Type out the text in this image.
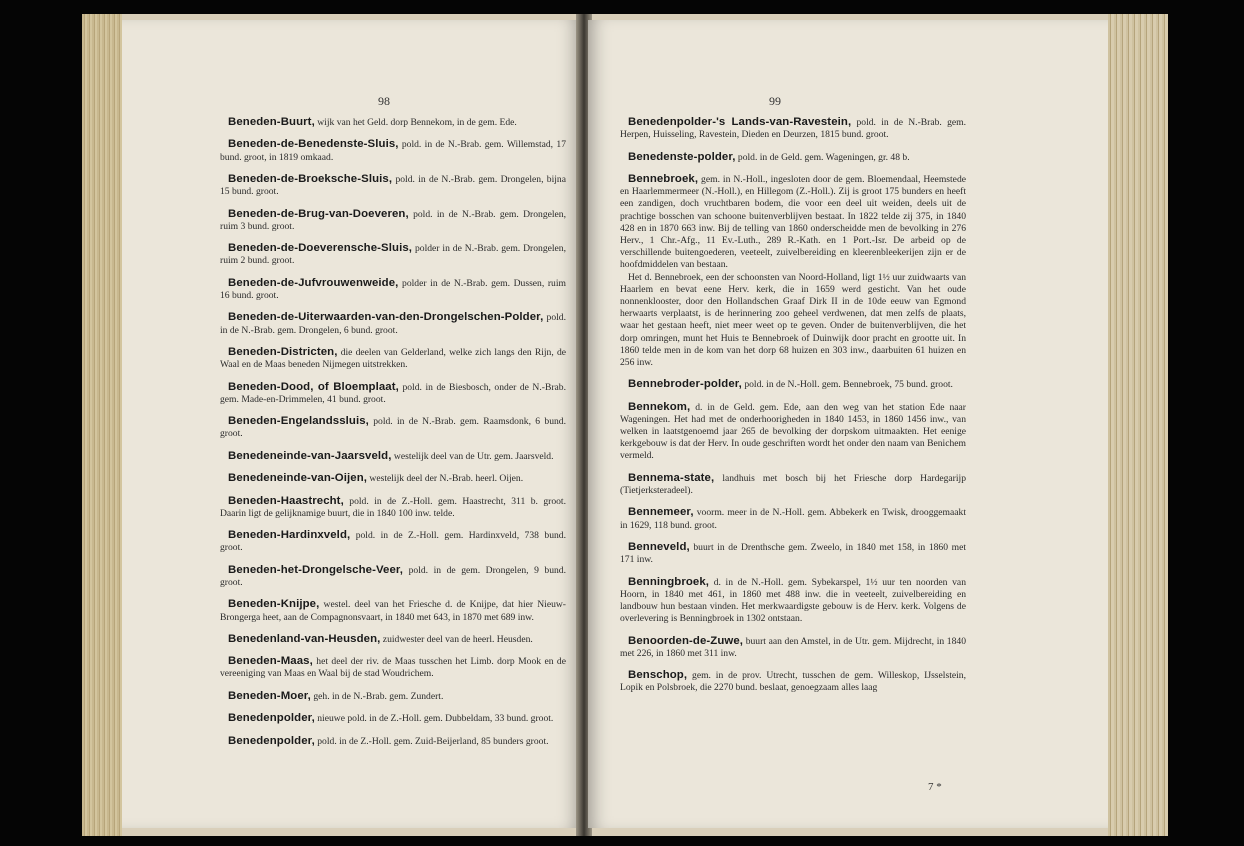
98

Beneden-Buurt, wijk van het Geld. dorp Bennekom, in de gem. Ede.

Beneden-de-Benedenste-Sluis, pold. in de N.-Brab. gem. Willemstad, 17 bund. groot, in 1819 omkaad.

Beneden-de-Broeksche-Sluis, pold. in de N.-Brab. gem. Drongelen, bijna 15 bund. groot.

Beneden-de-Brug-van-Doeveren, pold. in de N.-Brab. gem. Drongelen, ruim 3 bund. groot.

Beneden-de-Doeverensche-Sluis, polder in de N.-Brab. gem. Drongelen, ruim 2 bund. groot.

Beneden-de-Jufvrouwenweide, polder in de N.-Brab. gem. Dussen, ruim 16 bund. groot.

Beneden-de-Uiterwaarden-van-den-Drongelschen-Polder, pold. in de N.-Brab. gem. Drongelen, 6 bund. groot.

Beneden-Districten, die deelen van Gelderland, welke zich langs den Rijn, de Waal en de Maas beneden Nijmegen uitstrekken.

Beneden-Dood, of Bloemplaat, pold. in de Biesbosch, onder de N.-Brab. gem. Made-en-Drimmelen, 41 bund. groot.

Beneden-Engelandssluis, pold. in de N.-Brab. gem. Raamsdonk, 6 bund. groot.

Benedeneinde-van-Jaarsveld, westelijk deel van de Utr. gem. Jaarsveld.

Benedeneinde-van-Oijen, westelijk deel der N.-Brab. heerl. Oijen.

Beneden-Haastrecht, pold. in de Z.-Holl. gem. Haastrecht, 311 b. groot. Daarin ligt de gelijknamige buurt, die in 1840 100 inw. telde.

Beneden-Hardinxveld, pold. in de Z.-Holl. gem. Hardinxveld, 738 bund. groot.

Beneden-het-Drongelsche-Veer, pold. in de gem. Drongelen, 9 bund. groot.

Beneden-Knijpe, westel. deel van het Friesche d. de Knijpe, dat hier Nieuw-Brongerga heet, aan de Compagnonsvaart, in 1840 met 643, in 1870 met 689 inw.

Benedenland-van-Heusden, zuidwester deel van de heerl. Heusden.

Beneden-Maas, het deel der riv. de Maas tusschen het Limb. dorp Mook en de vereeniging van Maas en Waal bij de stad Woudrichem.

Beneden-Moer, geh. in de N.-Brab. gem. Zundert.

Benedenpolder, nieuwe pold. in de Z.-Holl. gem. Dubbeldam, 33 bund. groot.

Benedenpolder, pold. in de Z.-Holl. gem. Zuid-Beijerland, 85 bunders groot.

99

Benedenpolder-'s Lands-van-Ravestein, pold. in de N.-Brab. gem. Herpen, Huisseling, Ravestein, Dieden en Deurzen, 1815 bund. groot.

Benedenste-polder, pold. in de Geld. gem. Wageningen, gr. 48 b.

Bennebroek, gem. in N.-Holl., ingesloten door de gem. Bloemendaal, Heemstede en Haarlemmermeer (N.-Holl.), en Hillegom (Z.-Holl.). Zij is groot 175 bunders en heeft een zandigen, doch vruchtbaren bodem, die voor een deel uit weiden, deels uit de prachtige bosschen van schoone buitenverblijven bestaat. In 1822 telde zij 375, in 1840 428 en in 1870 663 inw. Bij de telling van 1860 onderscheidde men de bevolking in 276 Herv., 1 Chr.-Afg., 11 Ev.-Luth., 289 R.-Kath. en 1 Port.-Isr. De arbeid op de verschillende buitengoederen, veeteelt, zuivelbereiding en kleerenbleekerijen zijn er de hoofdmiddelen van bestaan.

Het d. Bennebroek, een der schoonsten van Noord-Holland, ligt 1½ uur zuidwaarts van Haarlem en bevat eene Herv. kerk, die in 1659 werd gesticht. Van het oude nonnenklooster, door den Hollandschen Graaf Dirk II in de 10de eeuw van Egmond herwaarts verplaatst, is de herinnering zoo geheel verdwenen, dat men zelfs de plaats, waar het gestaan heeft, niet meer weet op te geven. Onder de buitenverblijven, die het dorp omringen, munt het Huis te Bennebroek of Duinwijk door pracht en grootte uit. In 1860 telde men in de kom van het dorp 68 huizen en 303 inw., daarbuiten 61 huizen en 256 inw.

Bennebroder-polder, pold. in de N.-Holl. gem. Bennebroek, 75 bund. groot.

Bennekom, d. in de Geld. gem. Ede, aan den weg van het station Ede naar Wageningen. Het had met de onderhoorigheden in 1840 1453, in 1860 1456 inw., van welken in laatstgenoemd jaar 265 de bevolking der dorpskom uitmaakten. Het eenige kerkgebouw is dat der Herv. In oude geschriften wordt het onder den naam van Benichem vermeld.

Bennema-state, landhuis met bosch bij het Friesche dorp Hardegarijp (Tietjerksteradeel).

Bennemeer, voorm. meer in de N.-Holl. gem. Abbekerk en Twisk, drooggemaakt in 1629, 118 bund. groot.

Benneveld, buurt in de Drenthsche gem. Zweelo, in 1840 met 158, in 1860 met 171 inw.

Benningbroek, d. in de N.-Holl. gem. Sybekarspel, 1½ uur ten noorden van Hoorn, in 1840 met 461, in 1860 met 488 inw. die in veeteelt, zuivelbereiding en landbouw hun bestaan vinden. Het merkwaardigste gebouw is de Herv. kerk. Volgens de overlevering is Benningbroek in 1302 ontstaan.

Benoorden-de-Zuwe, buurt aan den Amstel, in de Utr. gem. Mijdrecht, in 1840 met 226, in 1860 met 311 inw.

Benschop, gem. in de prov. Utrecht, tusschen de gem. Willeskop, IJsselstein, Lopik en Polsbroek, die 2270 bund. beslaat, genoegzaam alles laag

7 *
